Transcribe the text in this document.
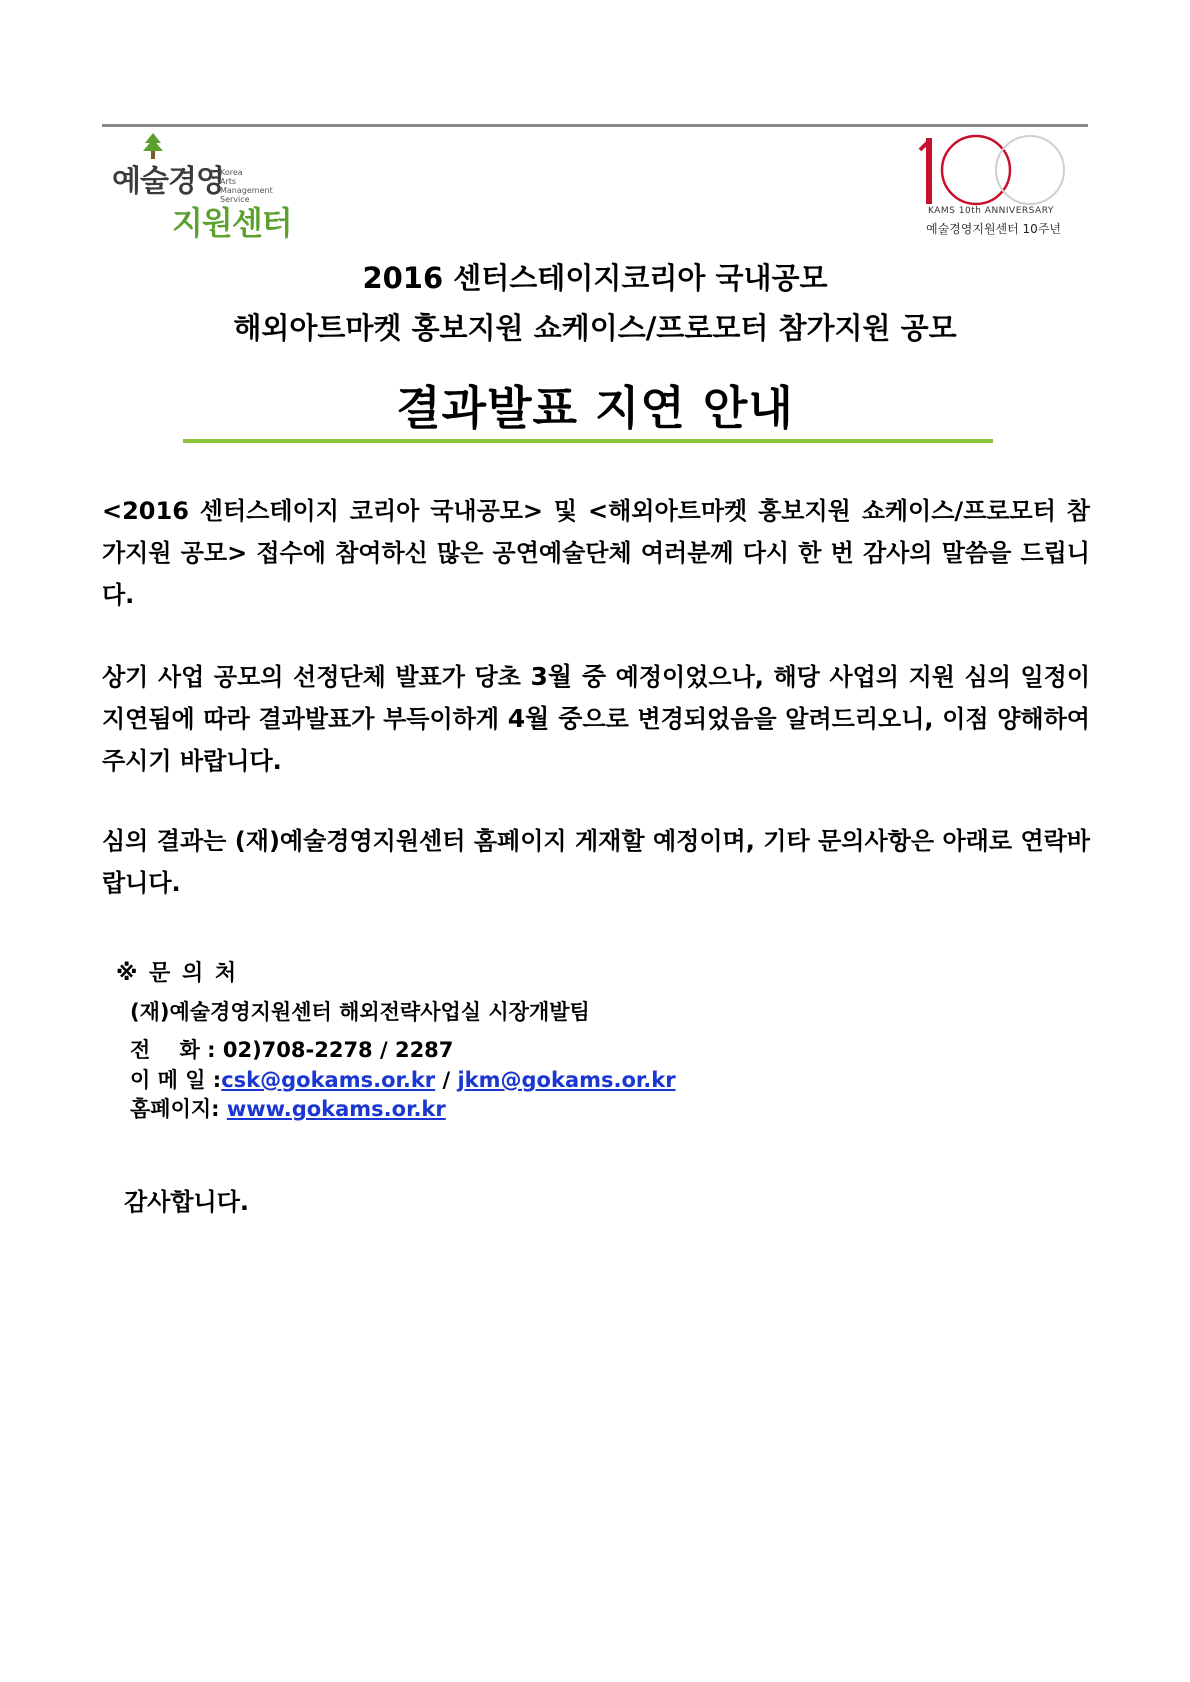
예술경영
Korea
Arts
Management
Service
지원센터	KAMS 10th ANNIVERSARY
예술경영지원센터 10주년
2016 센터스테이지코리아 국내공모
해외아트마켓 홍보지원 쇼케이스/프로모터 참가지원 공모
결과발표 지연 안내
<2016 센터스테이지 코리아 국내공모> 및 <해외아트마켓 홍보지원 쇼케이스/프로모터 참가지원 공모> 접수에 참여하신 많은 공연예술단체 여러분께 다시 한 번 감사의 말씀을 드립니다.
상기 사업 공모의 선정단체 발표가 당초 3월 중 예정이었으나, 해당 사업의 지원 심의 일정이 지연됨에 따라 결과발표가 부득이하게 4월 중으로 변경되었음을 알려드리오니, 이점 양해하여 주시기 바랍니다.
심의 결과는 (재)예술경영지원센터 홈페이지 게재할 예정이며, 기타 문의사항은 아래로 연락바랍니다.
※ 문 의 처
(재)예술경영지원센터 해외전략사업실 시장개발팀
전    화 : 02)708-2278 / 2287
이 메 일 :csk@gokams.or.kr / jkm@gokams.or.kr
홈페이지: www.gokams.or.kr
감사합니다.
